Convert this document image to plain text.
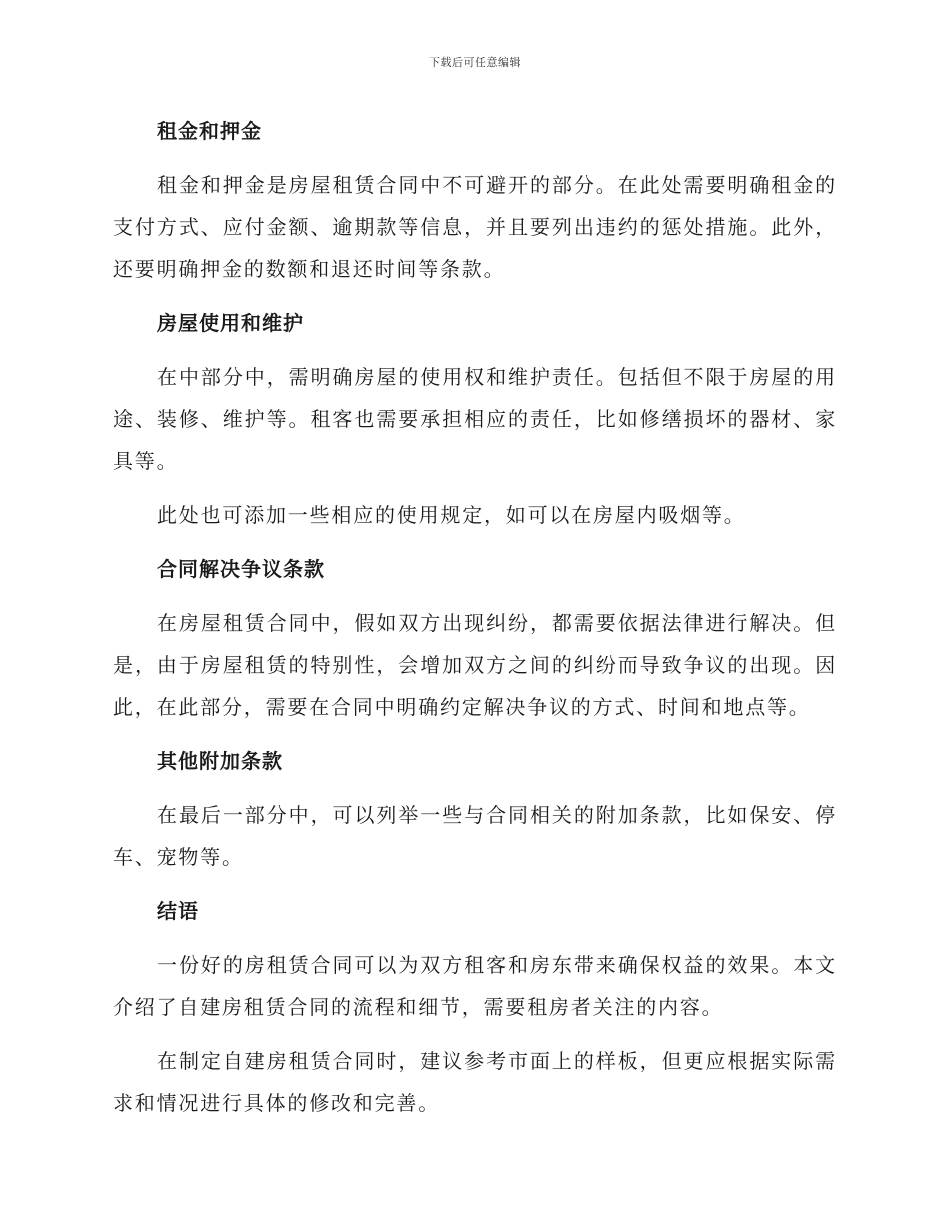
下载后可任意编辑
租金和押金

租金和押金是房屋租赁合同中不可避开的部分。在此处需要明确租金的支付方式、应付金额、逾期款等信息，并且要列出违约的惩处措施。此外，还要明确押金的数额和退还时间等条款。

房屋使用和维护

在中部分中，需明确房屋的使用权和维护责任。包括但不限于房屋的用途、装修、维护等。租客也需要承担相应的责任，比如修缮损坏的器材、家具等。

此处也可添加一些相应的使用规定，如可以在房屋内吸烟等。

合同解决争议条款

在房屋租赁合同中，假如双方出现纠纷，都需要依据法律进行解决。但是，由于房屋租赁的特别性，会增加双方之间的纠纷而导致争议的出现。因此，在此部分，需要在合同中明确约定解决争议的方式、时间和地点等。

其他附加条款

在最后一部分中，可以列举一些与合同相关的附加条款，比如保安、停车、宠物等。

结语

一份好的房租赁合同可以为双方租客和房东带来确保权益的效果。本文介绍了自建房租赁合同的流程和细节，需要租房者关注的内容。

在制定自建房租赁合同时，建议参考市面上的样板，但更应根据实际需求和情况进行具体的修改和完善。
